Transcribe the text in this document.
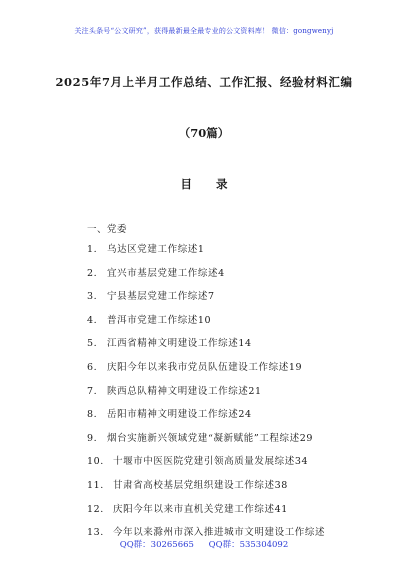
关注头条号“公文研究”，获得最新最全最专业的公文资料库！ 微信：gongwenyj
2025年7月上半月工作总结、工作汇报、经验材料汇编
（70篇）
目 录
一、党委
1. 乌达区党建工作综述1
2. 宜兴市基层党建工作综述4
3. 宁县基层党建工作综述7
4. 普洱市党建工作综述10
5. 江西省精神文明建设工作综述14
6. 庆阳今年以来我市党员队伍建设工作综述19
7. 陕西总队精神文明建设工作综述21
8. 岳阳市精神文明建设工作综述24
9. 烟台实施新兴领域党建“凝新赋能”工程综述29
10. 十堰市中医医院党建引领高质量发展综述34
11. 甘肃省高校基层党组织建设工作综述38
12. 庆阳今年以来市直机关党建工作综述41
13. 今年以来滁州市深入推进城市文明建设工作综述
QQ群：30265665 QQ群：535304092
